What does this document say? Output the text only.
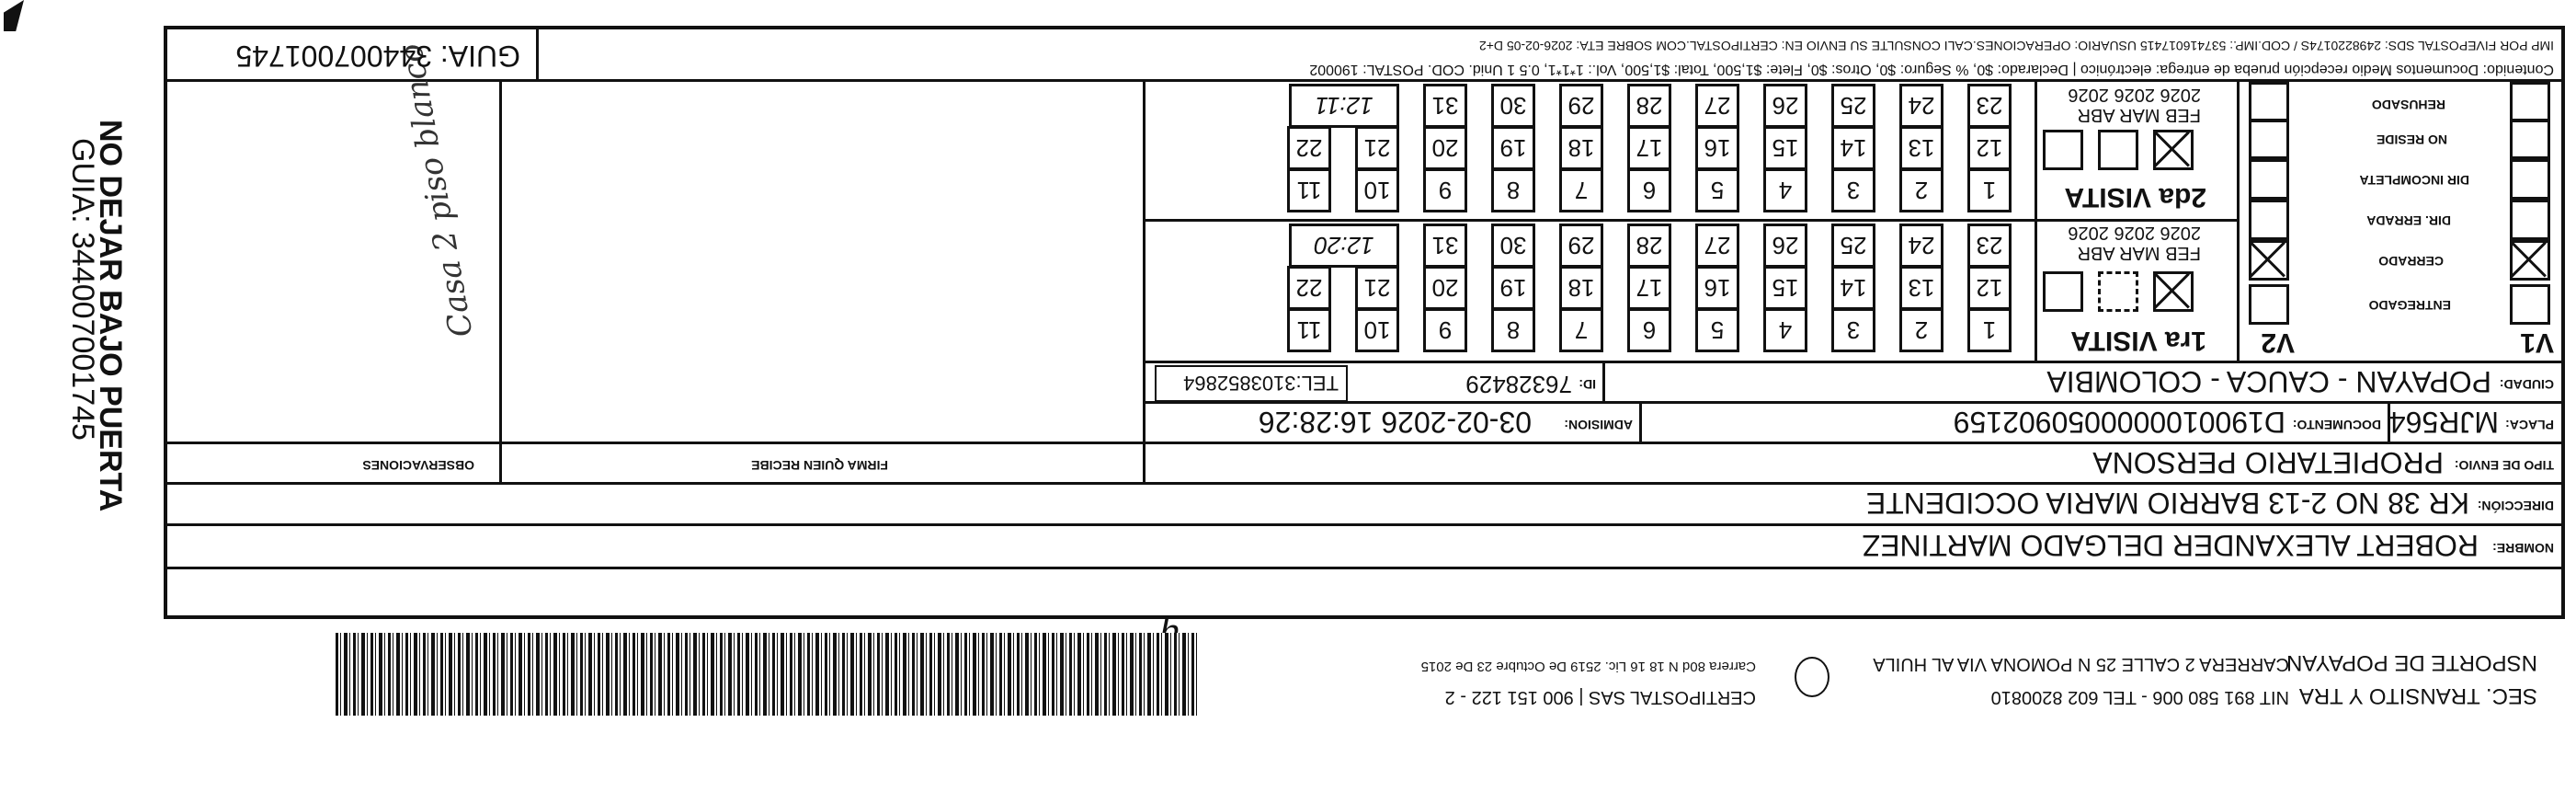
NO DEJAR BAJO PUERTA
GUIA: 344007001745
NOMBRE:
ROBERT ALEXANDER DELGADO MARTINEZ
DIRECCIÓN:
KR 38 NO 2-13 BARRIO MARIA OCCIDENTE
TIPO DE ENVIO:
PROPIETARIO PERSONA
FIRMA QUIEN RECIBE
OBSERVACIONES
PLACA:
MJR564
DOCUMENTO:
D1900100000050902159
ADMISION:
03-02-2026 16:28:26
CIUDAD:
POPAYAN - CAUCA - COLOMBIA
ID:
76328429
TEL:3103852864
V1
V2
ENTREGADO
CERRADO
DIR. ERRADA
DIR INCOMPLETA
NO RESIDE
REHUSADO
1ra VISITA
FEB MAR ABR
2026 2026 2026
1
2
3
4
5
6
7
8
9
10
11
12
13
14
15
16
17
18
19
20
21
22
23
24
25
26
27
28
29
30
31
12:20
2da VISITA
FEB MAR ABR
2026 2026 2026
1
2
3
4
5
6
7
8
9
10
11
12
13
14
15
16
17
18
19
20
21
22
23
24
25
26
27
28
29
30
31
12:11
Casa 2 piso blanco	Contenido: Documentos Medio recepción prueba de entrega: electrónico | Declarado: $0, % Seguro: $0, Otros: $0, Flete: $1,500, Total: $1,500, Vol.: 1*1*1, 0.5 1 Unid. COD. POSTAL: 190002
IMP POR FIVEPOSTAL SDS: 2498220174S / COD.IMP.: 537416017415 USUARIO: OPERACIONES.CALI CONSULTE SU ENVIO EN: CERTIPOSTAL.COM SOBRE ETA: 2026-02-05 D+2
GUIA: 344007001745
SEC. TRANSITO Y TRA
NSPORTE DE POPAYAN
NIT 891 580 006 - TEL 602 8200810
CARRERA 2 CALLE 25 N POMONA VIA AL HUILA
CERTIPOSTAL SAS | 900 151 122 - 2
Carrera 80d N 18 16 Lic. 2519 De Octubre 23 De 2015
